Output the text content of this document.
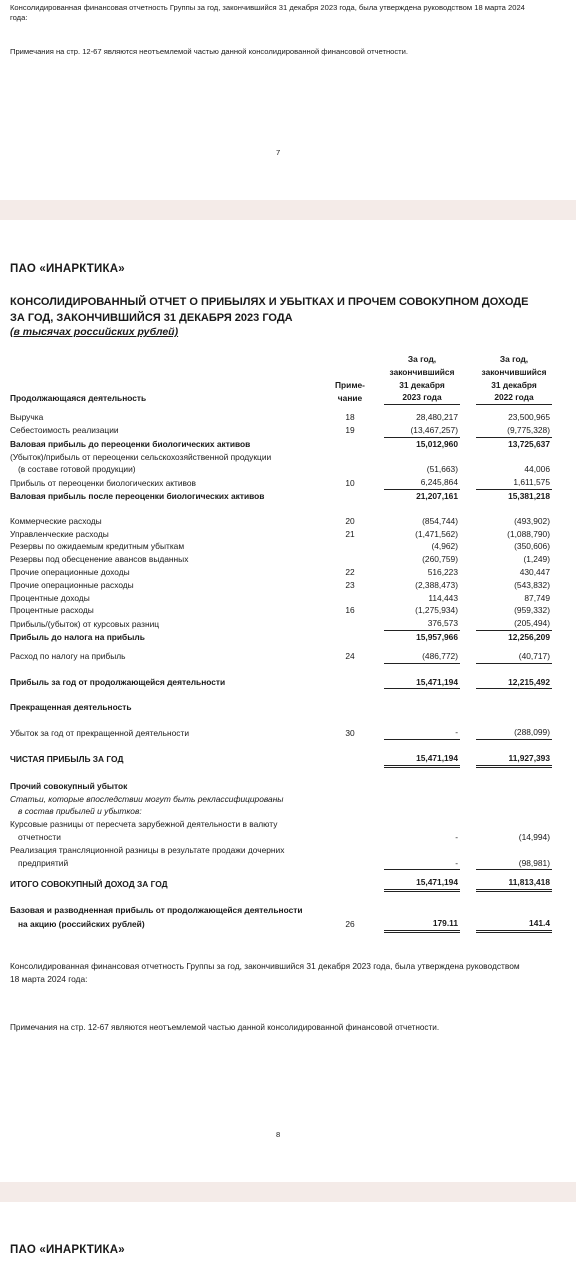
Консолидированная финансовая отчетность Группы за год, закончившийся 31 декабря 2023 года, была утверждена руководством 18 марта 2024 года:
Примечания на стр. 12-67 являются неотъемлемой частью данной консолидированной финансовой отчетности.
7
ПАО «ИНАРКТИКА»
КОНСОЛИДИРОВАННЫЙ ОТЧЕТ О ПРИБЫЛЯХ И УБЫТКАХ И ПРОЧЕМ СОВОКУПНОМ ДОХОДЕ
ЗА ГОД, ЗАКОНЧИВШИЙСЯ 31 ДЕКАБРЯ 2023 ГОДА
(в тысячах российских рублей)
Продолжающаяся деятельность	Приме-
чание		За год,
закончившийся
31 декабря
2023 года		За год,
закончившийся
31 декабря
2022 года

Выручка	18		28,480,217		23,500,965
Себестоимость реализации	19		(13,467,257)		(9,775,328)
Валовая прибыль до переоценки биологических активов			15,012,960		13,725,637
(Убыток)/прибыль от переоценки сельскохозяйственной продукции					
(в составе готовой продукции)			(51,663)		44,006
Прибыль от переоценки биологических активов	10		6,245,864		1,611,575
Валовая прибыль после переоценки биологических активов			21,207,161		15,381,218

Коммерческие расходы	20		(854,744)		(493,902)
Управленческие расходы	21		(1,471,562)		(1,088,790)
Резервы по ожидаемым кредитным убыткам			(4,962)		(350,606)
Резервы под обесценение авансов выданных			(260,759)		(1,249)
Прочие операционные доходы	22		516,223		430,447
Прочие операционные расходы	23		(2,388,473)		(543,832)
Процентные доходы			114,443		87,749
Процентные расходы	16		(1,275,934)		(959,332)
Прибыль/(убыток) от курсовых разниц			376,573		(205,494)
Прибыль до налога на прибыль			15,957,966		12,256,209

Расход по налогу на прибыль	24		(486,772)		(40,717)

Прибыль за год от продолжающейся деятельности			15,471,194		12,215,492

Прекращенная деятельность					

Убыток за год от прекращенной деятельности	30		-		(288,099)

ЧИСТАЯ ПРИБЫЛЬ ЗА ГОД			15,471,194		11,927,393

Прочий совокупный убыток					
Статьи, которые впоследствии могут быть реклассифицированы					
в состав прибылей и убытков:					
Курсовые разницы от пересчета зарубежной деятельности в валюту					
отчетности			-		(14,994)
Реализация трансляционной разницы в результате продажи дочерних					
предприятий			-		(98,981)

ИТОГО СОВОКУПНЫЙ ДОХОД ЗА ГОД			15,471,194		11,813,418

Базовая и разводненная прибыль от продолжающейся деятельности					
на акцию (российских рублей)	26		179.11		141.4
Консолидированная финансовая отчетность Группы за год, закончившийся 31 декабря 2023 года, была утверждена руководством 18 марта 2024 года:
Примечания на стр. 12-67 являются неотъемлемой частью данной консолидированной финансовой отчетности.
8
ПАО «ИНАРКТИКА»
